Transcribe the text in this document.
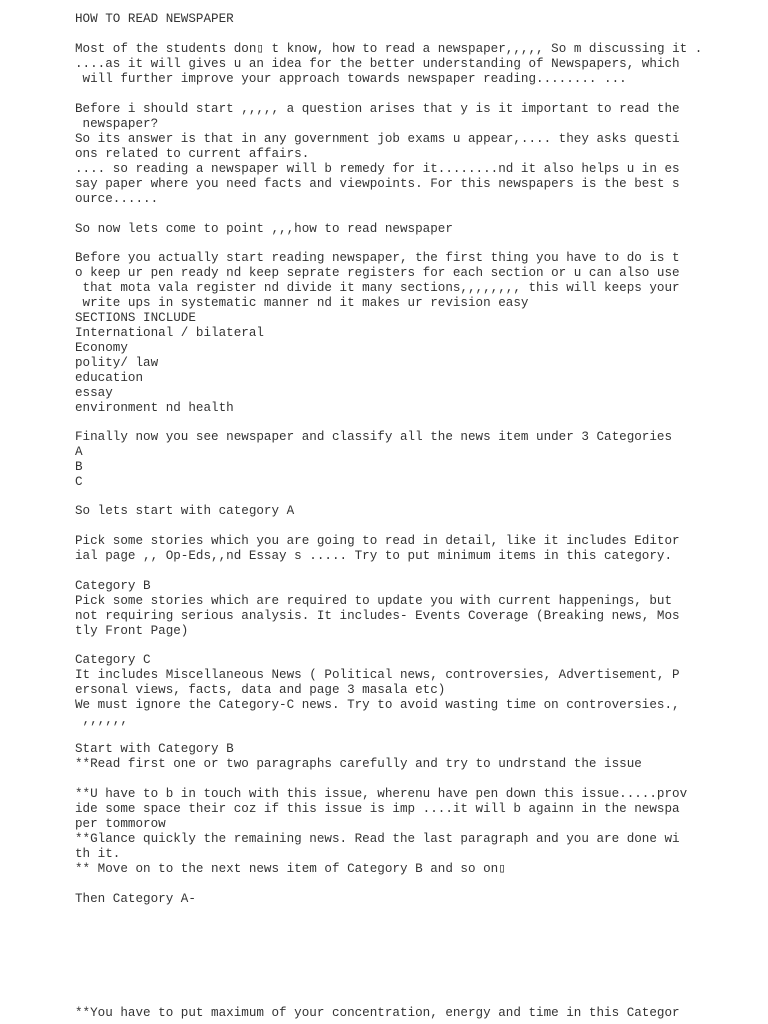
HOW TO READ NEWSPAPER

Most of the students don▯ t know, how to read a newspaper,,,,, So m discussing it .

....as it will gives u an idea for the better understanding of Newspapers, which

will further improve your approach towards newspaper reading........ ...

Before i should start ,,,,, a question arises that y is it important to read the

newspaper?

So its answer is that in any government job exams u appear,.... they asks questi

ons related to current affairs.

.... so reading a newspaper will b remedy for it........nd it also helps u in es

say paper where you need facts and viewpoints. For this newspapers is the best s

ource......

So now lets come to point ,,,how to read newspaper

Before you actually start reading newspaper, the first thing you have to do is t

o keep ur pen ready nd keep seprate registers for each section or u can also use

that mota vala register nd divide it many sections,,,,,,,, this will keeps your

write ups in systematic manner nd it makes ur revision easy

SECTIONS INCLUDE

International / bilateral

Economy

polity/ law

education

essay

environment nd health

Finally now you see newspaper and classify all the news item under 3 Categories

A

B

C

So lets start with category A

Pick some stories which you are going to read in detail, like it includes Editor

ial page ,, Op-Eds,,nd Essay s ..... Try to put minimum items in this category.

Category B

Pick some stories which are required to update you with current happenings, but

not requiring serious analysis. It includes- Events Coverage (Breaking news, Mos

tly Front Page)

Category C

It includes Miscellaneous News ( Political news, controversies, Advertisement, P

ersonal views, facts, data and page 3 masala etc)

We must ignore the Category-C news. Try to avoid wasting time on controversies.,

,,,,,,

Start with Category B

**Read first one or two paragraphs carefully and try to undrstand the issue

**U have to b in touch with this issue, wherenu have pen down this issue.....prov

ide some space their coz if this issue is imp ....it will b againn in the newspa

per tommorow

**Glance quickly the remaining news. Read the last paragraph and you are done wi

th it.

** Move on to the next news item of Category B and so on▯

Then Category A-

**You have to put maximum of your concentration, energy and time in this Categor
